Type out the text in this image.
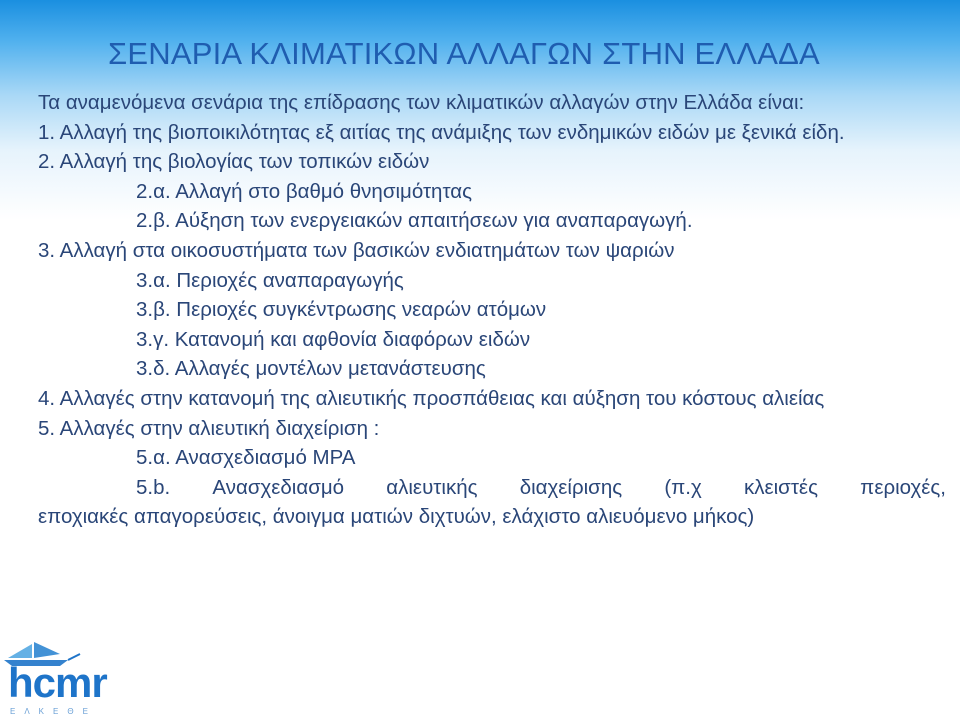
ΣΕΝΑΡΙΑ ΚΛΙΜΑΤΙΚΩΝ ΑΛΛΑΓΩΝ ΣΤΗΝ ΕΛΛΑΔΑ
Τα αναμενόμενα σενάρια της επίδρασης των κλιματικών αλλαγών στην Ελλάδα είναι:
1. Αλλαγή της βιοποικιλότητας εξ αιτίας της ανάμιξης των ενδημικών ειδών με ξενικά είδη.
2. Αλλαγή της βιολογίας των τοπικών ειδών
2.α. Αλλαγή στο βαθμό θνησιμότητας
2.β. Αύξηση των ενεργειακών απαιτήσεων για αναπαραγωγή.
3. Αλλαγή στα οικοσυστήματα των βασικών ενδιατημάτων των ψαριών
3.α. Περιοχές αναπαραγωγής
3.β. Περιοχές συγκέντρωσης νεαρών ατόμων
3.γ. Κατανομή και αφθονία διαφόρων ειδών
3.δ. Αλλαγές μοντέλων μετανάστευσης
4. Αλλαγές στην κατανομή της αλιευτικής προσπάθειας και αύξηση του κόστους αλιείας
5. Αλλαγές στην αλιευτική διαχείριση :
5.α. Ανασχεδιασμό MPA
5.b. Ανασχεδιασμό αλιευτικής διαχείρισης (π.χ κλειστές περιοχές,
εποχιακές απαγορεύσεις, άνοιγμα ματιών διχτυών, ελάχιστο αλιευόμενο μήκος)
hcmr
ΕΛΚΕΘΕ
